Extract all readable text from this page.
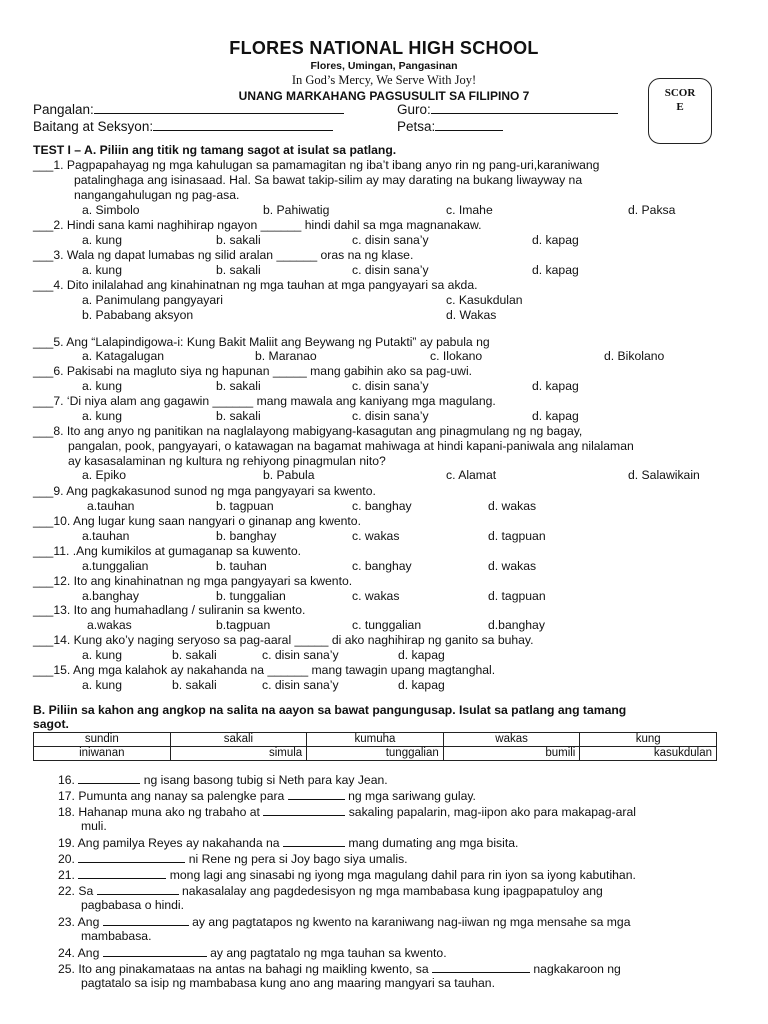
FLORES NATIONAL HIGH SCHOOL
Flores, Umingan, Pangasinan
In God’s Mercy, We Serve With Joy!
UNANG MARKAHANG PAGSUSULIT SA FILIPINO 7	SCOR
E
Pangalan:	Guro:
Baitang at Seksyon:	Petsa:
TEST I – A. Piliin ang titik ng tamang sagot at isulat sa patlang.
___1. Pagpapahayag ng mga kahulugan sa pamamagitan ng iba’t ibang anyo rin ng pang-uri,karaniwang
patalinghaga ang isinasaad. Hal. Sa bawat takip-silim ay may darating na bukang liwayway na
nangangahulugan ng pag-asa.
a. Simbolo	b. Pahiwatig	c. Imahe	d. Paksa
___2. Hindi sana kami naghihirap ngayon ______ hindi dahil sa mga magnanakaw.
a. kung	b. sakali	c. disin sana’y	d. kapag
___3. Wala ng dapat lumabas ng silid aralan ______ oras na ng klase.
a. kung	b. sakali	c. disin sana’y	d. kapag
___4. Dito inilalahad ang kinahinatnan ng mga tauhan at mga pangyayari sa akda.
a. Panimulang pangyayari	c. Kasukdulan
b. Pababang aksyon	d. Wakas
___5. Ang “Lalapindigowa-i: Kung Bakit Maliit ang Beywang ng Putakti” ay pabula ng
a. Katagalugan	b. Maranao	c. Ilokano	d. Bikolano
___6. Pakisabi na magluto siya ng hapunan _____ mang gabihin ako sa pag-uwi.
a. kung	b. sakali	c. disin sana’y	d. kapag
___7. ‘Di niya alam ang gagawin ______ mang mawala ang kaniyang mga magulang.
a. kung	b. sakali	c. disin sana’y	d. kapag
___8. Ito ang anyo ng panitikan na naglalayong mabigyang-kasagutan ang pinagmulang ng ng bagay,
pangalan, pook, pangyayari, o katawagan na bagamat mahiwaga at hindi kapani-paniwala ang nilalaman
ay kasasalaminan ng kultura ng rehiyong pinagmulan nito?
a. Epiko	b. Pabula	c. Alamat	d. Salawikain
___9. Ang pagkakasunod sunod ng mga pangyayari sa kwento.
a.tauhan	b. tagpuan	c. banghay	d. wakas
___10. Ang lugar kung saan nangyari o ginanap ang kwento.
a.tauhan	b. banghay	c. wakas	d. tagpuan
___11. .Ang kumikilos at gumaganap sa kuwento.
a.tunggalian	b. tauhan	c. banghay	d. wakas
___12. Ito ang kinahinatnan ng mga pangyayari sa kwento.
a.banghay	b. tunggalian	c. wakas	d. tagpuan
___13. Ito ang humahadlang / suliranin sa kwento.
a.wakas	b.tagpuan	c. tunggalian	d.banghay
___14. Kung ako’y naging seryoso sa pag-aaral _____ di ako naghihirap ng ganito sa buhay.
a. kung	b. sakali	c. disin sana’y	d. kapag
___15. Ang mga kalahok ay nakahanda na ______ mang tawagin upang magtanghal.
a. kung	b. sakali	c. disin sana’y	d. kapag
B. Piliin sa kahon ang angkop na salita na aayon sa bawat pangungusap. Isulat sa patlang ang tamang
sagot.
sundin	sakali	kumuha	wakas	kung
iniwanan	simula	tunggalian	bumili	kasukdulan
16.	ng isang basong tubig si Neth para kay Jean.
17. Pumunta ang nanay sa palengke para	ng mga sariwang gulay.
18. Hahanap muna ako ng trabaho at	sakaling papalarin, mag-iipon ako para makapag-aral
muli.
19. Ang pamilya Reyes ay nakahanda na	mang dumating ang mga bisita.
20.	ni Rene ng pera si Joy bago siya umalis.
21.	mong lagi ang sinasabi ng iyong mga magulang dahil para rin iyon sa iyong kabutihan.
22. Sa	nakasalalay ang pagdedesisyon ng mga mambabasa kung ipagpapatuloy ang
pagbabasa o hindi.
23. Ang	ay ang pagtatapos ng kwento na karaniwang nag-iiwan ng mga mensahe sa mga
mambabasa.
24. Ang	ay ang pagtatalo ng mga tauhan sa kwento.
25. Ito ang pinakamataas na antas na bahagi ng maikling kwento, sa	nagkakaroon ng
pagtatalo sa isip ng mambabasa kung ano ang maaring mangyari sa tauhan.
